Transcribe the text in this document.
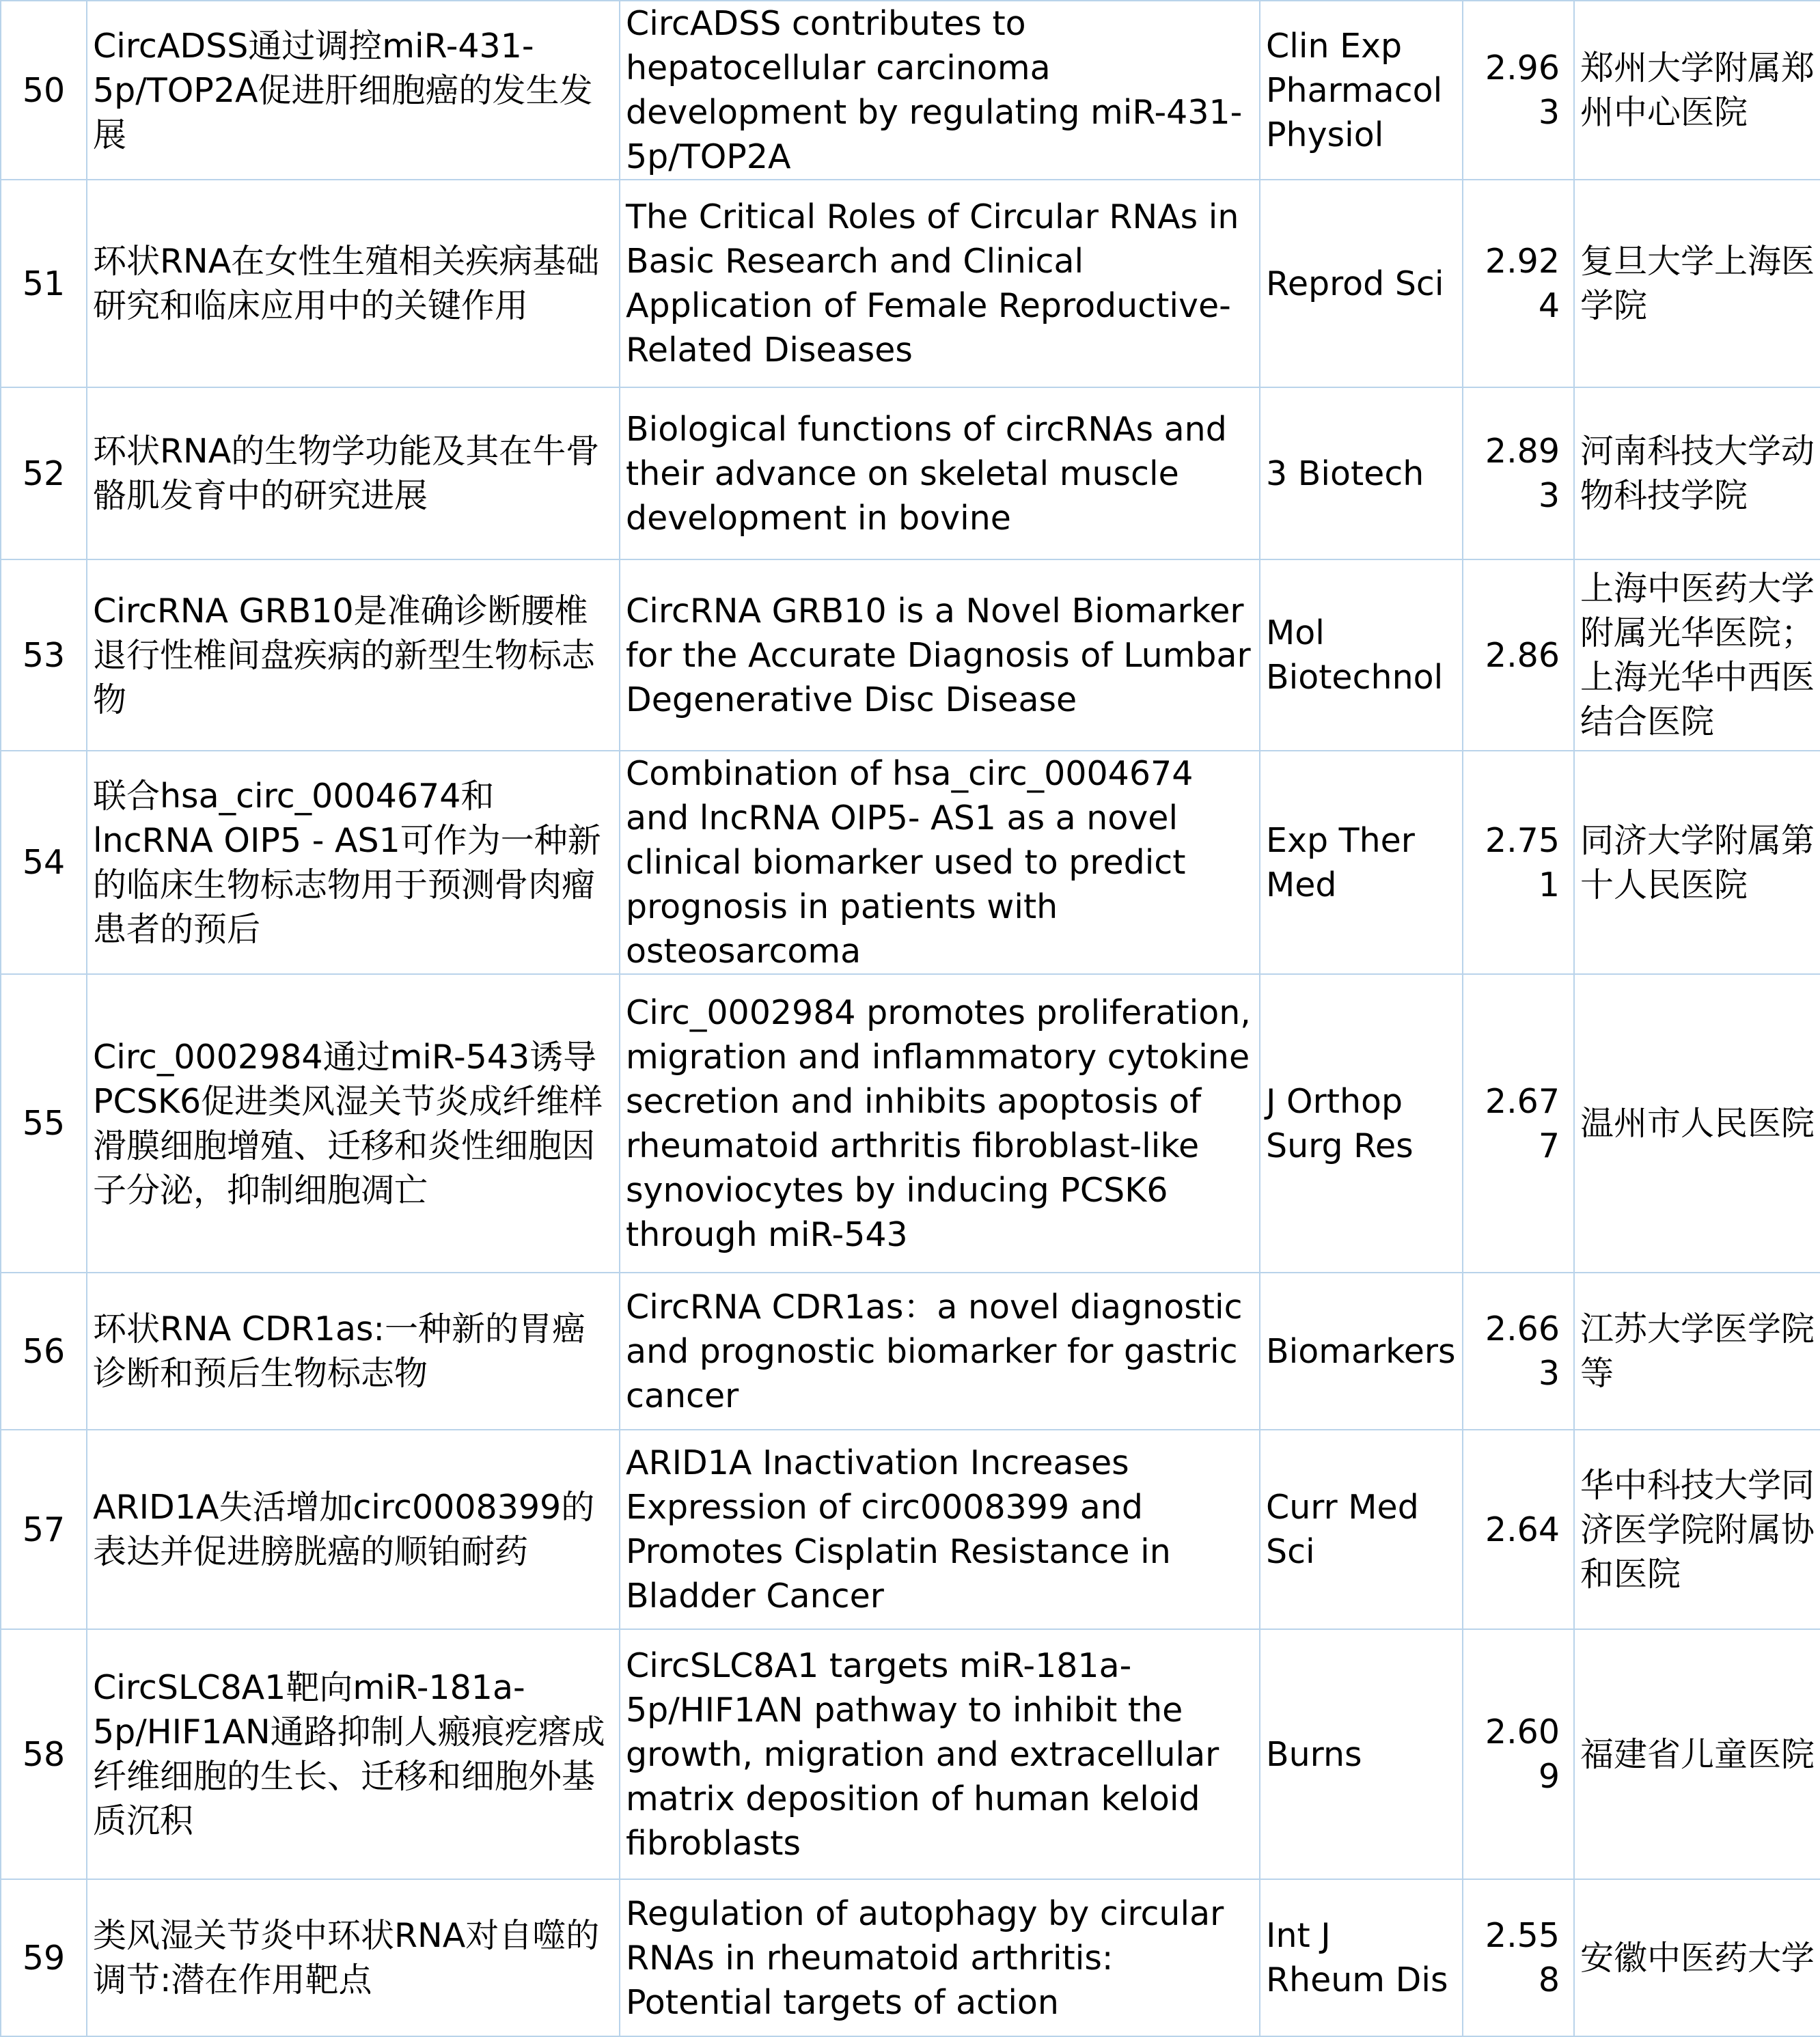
50	CircADSS通过调控miR-431-5p/TOP2A促进肝细胞癌的发生发展	CircADSS contributes to hepatocellular carcinoma development by regulating miR-431-5p/TOP2A	Clin Exp Pharmacol Physiol	2.963	郑州大学附属郑州中心医院
51	环状RNA在女性生殖相关疾病基础研究和临床应用中的关键作用	The Critical Roles of Circular RNAs in Basic Research and Clinical Application of Female Reproductive-Related Diseases	Reprod Sci	2.924	复旦大学上海医学院
52	环状RNA的生物学功能及其在牛骨骼肌发育中的研究进展	Biological functions of circRNAs and their advance on skeletal muscle development in bovine	3 Biotech	2.893	河南科技大学动物科技学院
53	CircRNA GRB10是准确诊断腰椎退行性椎间盘疾病的新型生物标志物	CircRNA GRB10 is a Novel Biomarker for the Accurate Diagnosis of Lumbar Degenerative Disc Disease	Mol Biotechnol	2.86	上海中医药大学附属光华医院；上海光华中西医结合医院
54	联合hsa_circ_0004674和lncRNA OIP5 - AS1可作为一种新的临床生物标志物用于预测骨肉瘤患者的预后	Combination of hsa_circ_0004674 and lncRNA OIP5- AS1 as a novel clinical biomarker used to predict prognosis in patients with osteosarcoma	Exp Ther Med	2.751	同济大学附属第十人民医院
55	Circ_0002984通过miR-543诱导PCSK6促进类风湿关节炎成纤维样滑膜细胞增殖、迁移和炎性细胞因子分泌，抑制细胞凋亡	Circ_0002984 promotes proliferation, migration and inflammatory cytokine secretion and inhibits apoptosis of rheumatoid arthritis fibroblast-like synoviocytes by inducing PCSK6 through miR-543	J Orthop Surg Res	2.677	温州市人民医院
56	环状RNA CDR1as:一种新的胃癌诊断和预后生物标志物	CircRNA CDR1as：a novel diagnostic and prognostic biomarker for gastric cancer	Biomarkers	2.663	江苏大学医学院等
57	ARID1A失活增加circ0008399的表达并促进膀胱癌的顺铂耐药	ARID1A Inactivation Increases Expression of circ0008399 and Promotes Cisplatin Resistance in Bladder Cancer	Curr Med Sci	2.64	华中科技大学同济医学院附属协和医院
58	CircSLC8A1靶向miR-181a-5p/HIF1AN通路抑制人瘢痕疙瘩成纤维细胞的生长、迁移和细胞外基质沉积	CircSLC8A1 targets miR-181a-5p/HIF1AN pathway to inhibit the growth, migration and extracellular matrix deposition of human keloid fibroblasts	Burns	2.609	福建省儿童医院
59	类风湿关节炎中环状RNA对自噬的调节:潜在作用靶点	Regulation of autophagy by circular RNAs in rheumatoid arthritis: Potential targets of action	Int J Rheum Dis	2.558	安徽中医药大学
